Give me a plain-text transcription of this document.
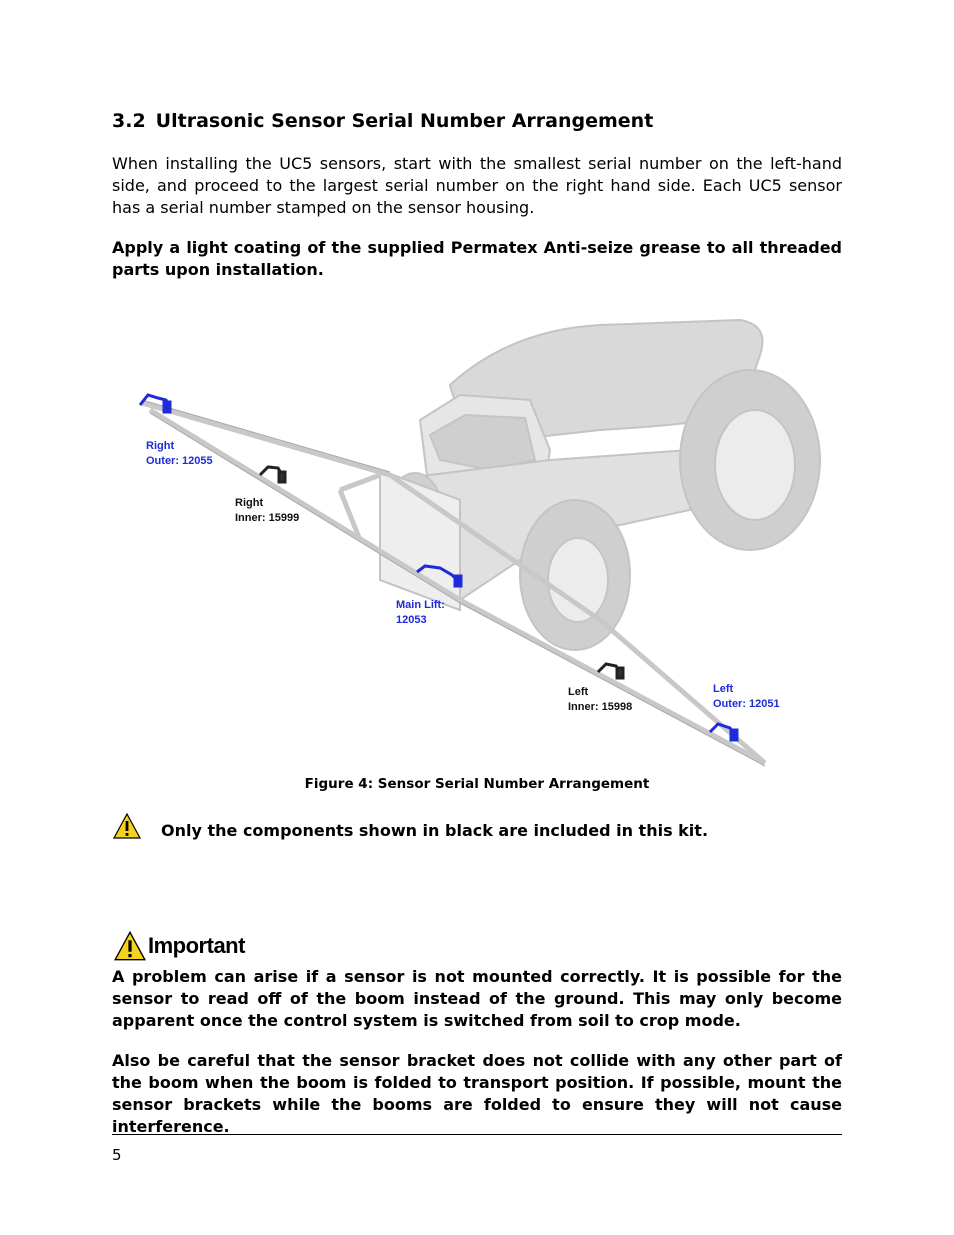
3.2 Ultrasonic Sensor Serial Number Arrangement
When installing the UC5 sensors, start with the smallest serial number on the left-hand side, and proceed to the largest serial number on the right hand side. Each UC5 sensor has a serial number stamped on the sensor housing.
Apply a light coating of the supplied Permatex Anti-seize grease to all threaded parts upon installation.
Right
Outer: 12055
Right
Inner: 15999
Main Lift:
12053
Left
Inner: 15998
Left
Outer: 12051
Figure 4: Sensor Serial Number Arrangement
Only the components shown in black are included in this kit.
Important
A problem can arise if a sensor is not mounted correctly. It is possible for the sensor to read off of the boom instead of the ground. This may only become apparent once the control system is switched from soil to crop mode.
Also be careful that the sensor bracket does not collide with any other part of the boom when the boom is folded to transport position. If possible, mount the sensor brackets while the booms are folded to ensure they will not cause interference.
5
